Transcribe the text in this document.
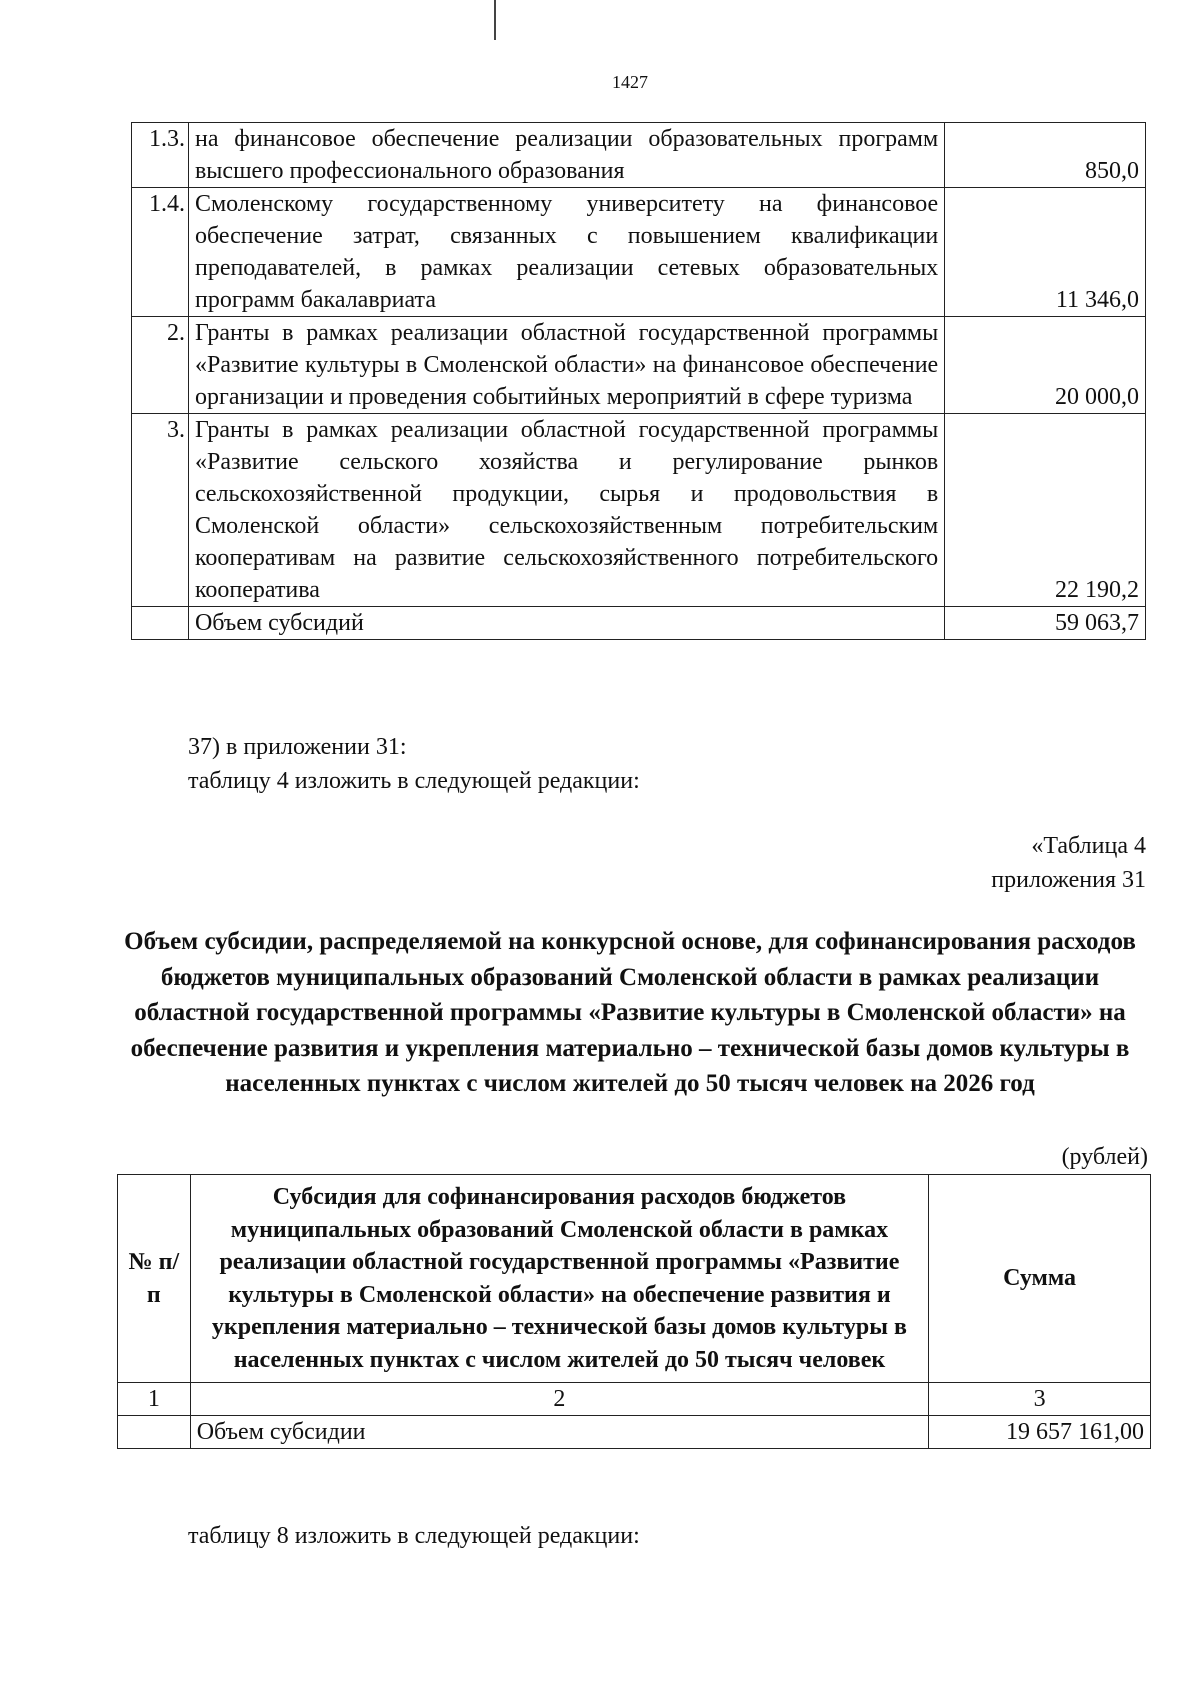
1427
1.3.	на финансовое обеспечение реализации образовательных программ высшего профессионального образования	850,0
1.4.	Смоленскому государственному университету на финансовое обеспечение затрат, связанных с повышением квалификации преподавателей, в рамках реализации сетевых образовательных программ бакалавриата	11 346,0
2.	Гранты в рамках реализации областной государственной программы «Развитие культуры в Смоленской области» на финансовое обеспечение организации и проведения событийных мероприятий в сфере туризма	20 000,0
3.	Гранты в рамках реализации областной государственной программы «Развитие сельского хозяйства и регулирование рынков сельскохозяйственной продукции, сырья и продовольствия в Смоленской области» сельскохозяйственным потребительским кооперативам на развитие сельскохозяйственного потребительского кооператива	22 190,2
	Объем субсидий	59 063,7
37) в приложении 31:
таблицу 4 изложить в следующей редакции:
«Таблица 4
приложения 31
Объем субсидии, распределяемой на конкурсной основе, для софинансирования расходов бюджетов муниципальных образований Смоленской области в рамках реализации областной государственной программы «Развитие культуры в Смоленской области» на обеспечение развития и укрепления материально – технической базы домов культуры в населенных пунктах с числом жителей до 50 тысяч человек на 2026 год
(рублей)
№ п/п	Субсидия для софинансирования расходов бюджетов муниципальных образований Смоленской области в рамках реализации областной государственной программы «Развитие культуры в Смоленской области» на обеспечение развития и укрепления материально – технической базы домов культуры в населенных пунктах с числом жителей до 50 тысяч человек	Сумма
1	2	3
	Объем субсидии	19 657 161,00
таблицу 8 изложить в следующей редакции:
